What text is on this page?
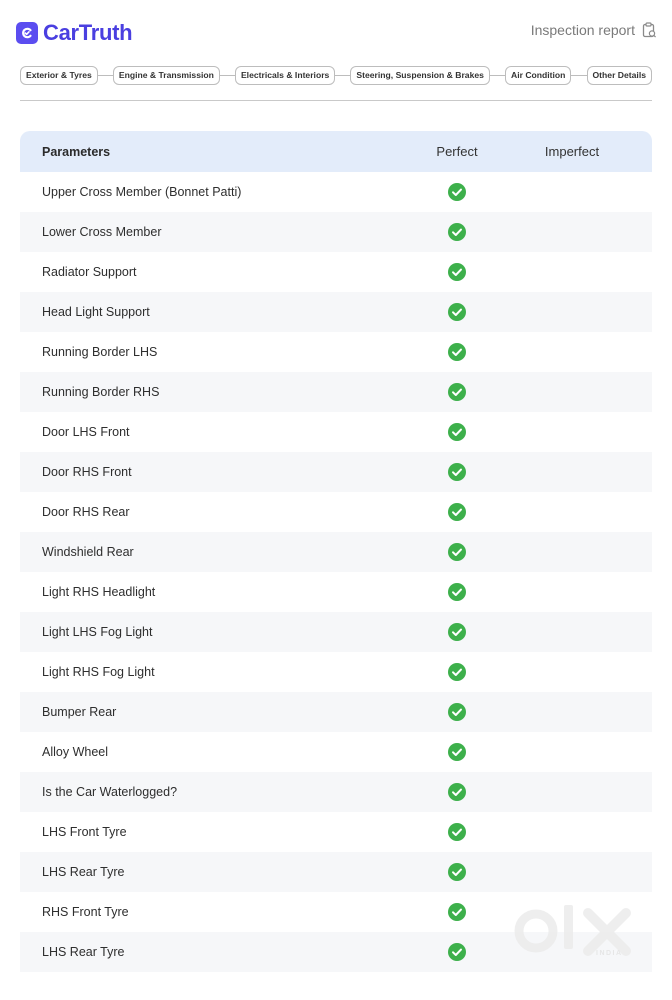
CarTruth	Inspection report
Exterior & Tyres	Engine & Transmission	Electricals & Interiors	Steering, Suspension & Brakes	Air Condition	Other Details
Parameters	Perfect	Imperfect
Upper Cross Member (Bonnet Patti)
Lower Cross Member
Radiator Support
Head Light Support
Running Border LHS
Running Border RHS
Door LHS Front
Door RHS Front
Door RHS Rear
Windshield Rear
Light RHS Headlight
Light LHS Fog Light
Light RHS Fog Light
Bumper Rear
Alloy Wheel
Is the Car Waterlogged?
LHS Front Tyre
LHS Rear Tyre
RHS Front Tyre
LHS Rear Tyre	INDIA
